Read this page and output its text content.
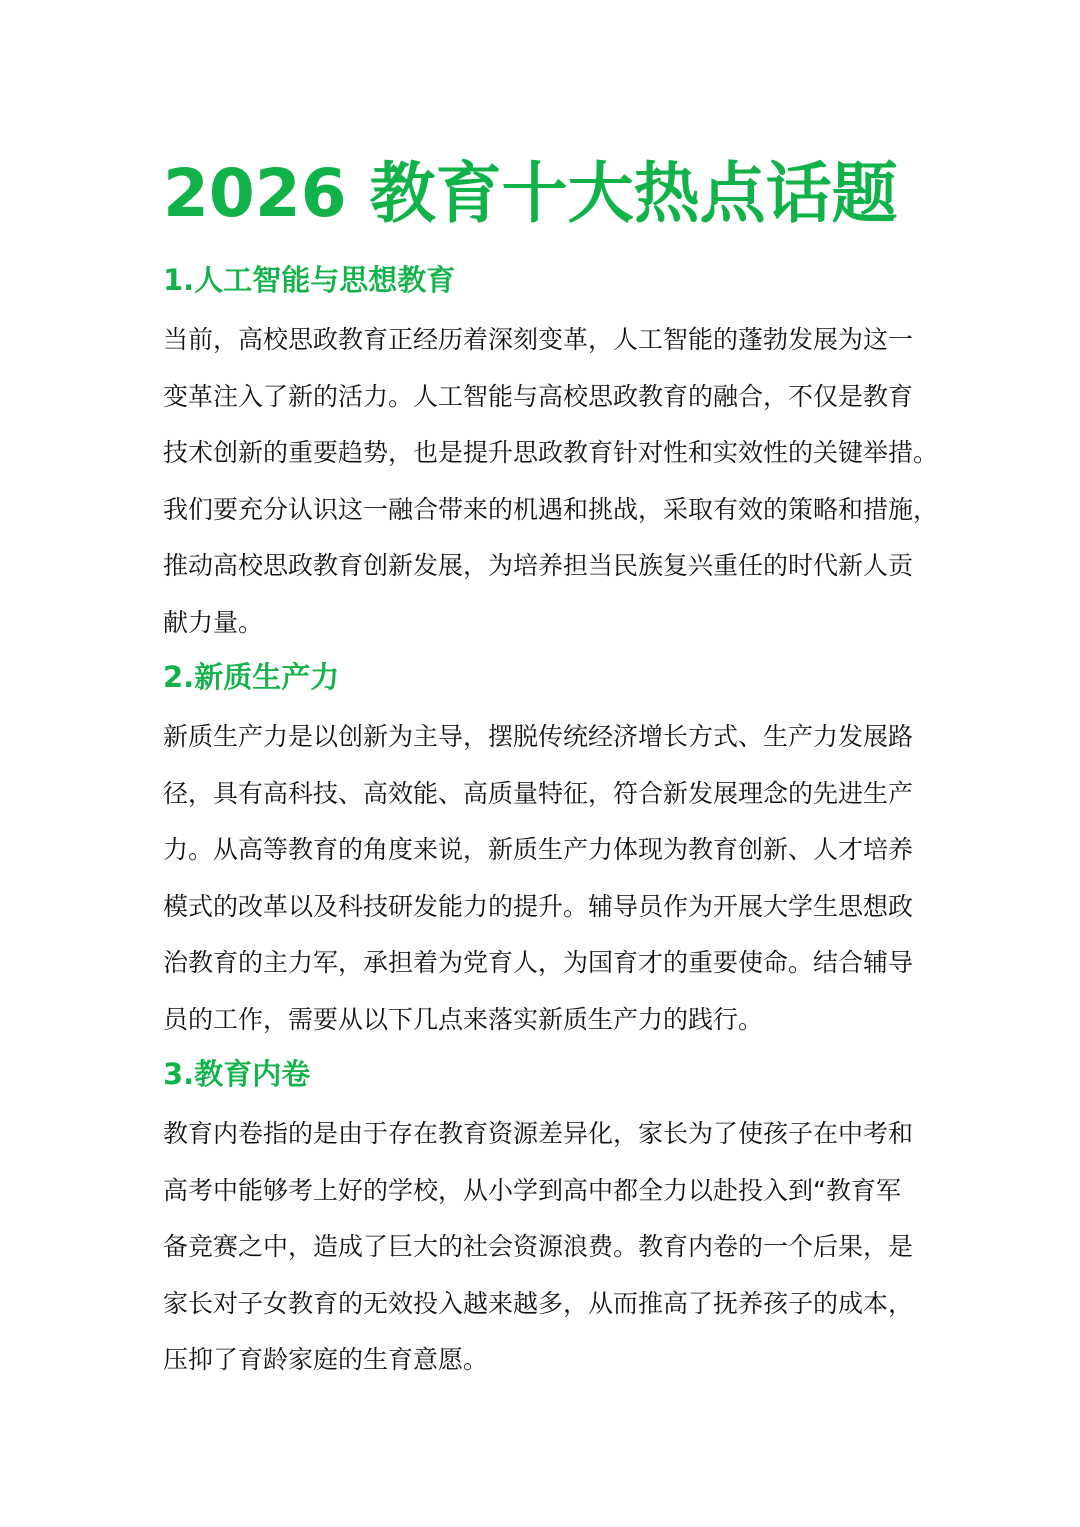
2026 教育十大热点话题
1.人工智能与思想教育

当前，高校思政教育正经历着深刻变革，人工智能的蓬勃发展为这一
变革注入了新的活力。人工智能与高校思政教育的融合，不仅是教育
技术创新的重要趋势，也是提升思政教育针对性和实效性的关键举措。
我们要充分认识这一融合带来的机遇和挑战，采取有效的策略和措施，
推动高校思政教育创新发展，为培养担当民族复兴重任的时代新人贡
献力量。

2.新质生产力

新质生产力是以创新为主导，摆脱传统经济增长方式、生产力发展路
径，具有高科技、高效能、高质量特征，符合新发展理念的先进生产
力。从高等教育的角度来说，新质生产力体现为教育创新、人才培养
模式的改革以及科技研发能力的提升。辅导员作为开展大学生思想政
治教育的主力军，承担着为党育人，为国育才的重要使命。结合辅导
员的工作，需要从以下几点来落实新质生产力的践行。

3.教育内卷

教育内卷指的是由于存在教育资源差异化，家长为了使孩子在中考和
高考中能够考上好的学校，从小学到高中都全力以赴投入到“教育军
备竞赛之中，造成了巨大的社会资源浪费。教育内卷的一个后果，是
家长对子女教育的无效投入越来越多，从而推高了抚养孩子的成本，
压抑了育龄家庭的生育意愿。
